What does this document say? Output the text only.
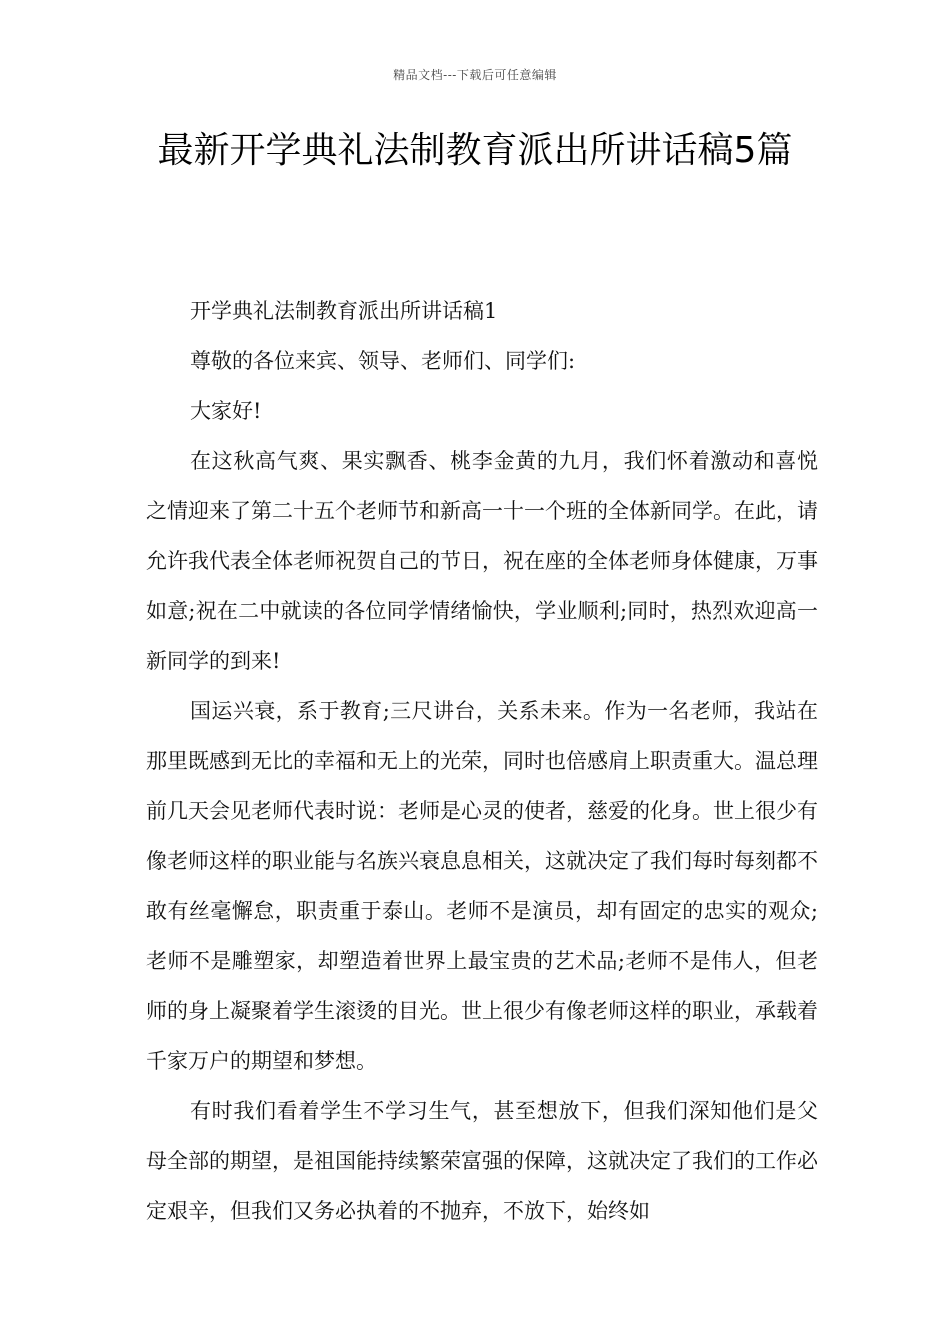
精品文档---下载后可任意编辑
最新开学典礼法制教育派出所讲话稿5篇

开学典礼法制教育派出所讲话稿1

尊敬的各位来宾、领导、老师们、同学们:

大家好!

在这秋高气爽、果实飘香、桃李金黄的九月，我们怀着激动和喜悦之情迎来了第二十五个老师节和新高一十一个班的全体新同学。在此，请允许我代表全体老师祝贺自己的节日，祝在座的全体老师身体健康，万事如意;祝在二中就读的各位同学情绪愉快，学业顺利;同时，热烈欢迎高一新同学的到来!

国运兴衰，系于教育;三尺讲台，关系未来。作为一名老师，我站在那里既感到无比的幸福和无上的光荣，同时也倍感肩上职责重大。温总理前几天会见老师代表时说：老师是心灵的使者，慈爱的化身。世上很少有像老师这样的职业能与名族兴衰息息相关，这就决定了我们每时每刻都不敢有丝毫懈怠，职责重于泰山。老师不是演员，却有固定的忠实的观众;老师不是雕塑家，却塑造着世界上最宝贵的艺术品;老师不是伟人，但老师的身上凝聚着学生滚烫的目光。世上很少有像老师这样的职业，承载着千家万户的期望和梦想。

有时我们看着学生不学习生气，甚至想放下，但我们深知他们是父母全部的期望，是祖国能持续繁荣富强的保障，这就决定了我们的工作必定艰辛，但我们又务必执着的不抛弃，不放下，始终如
